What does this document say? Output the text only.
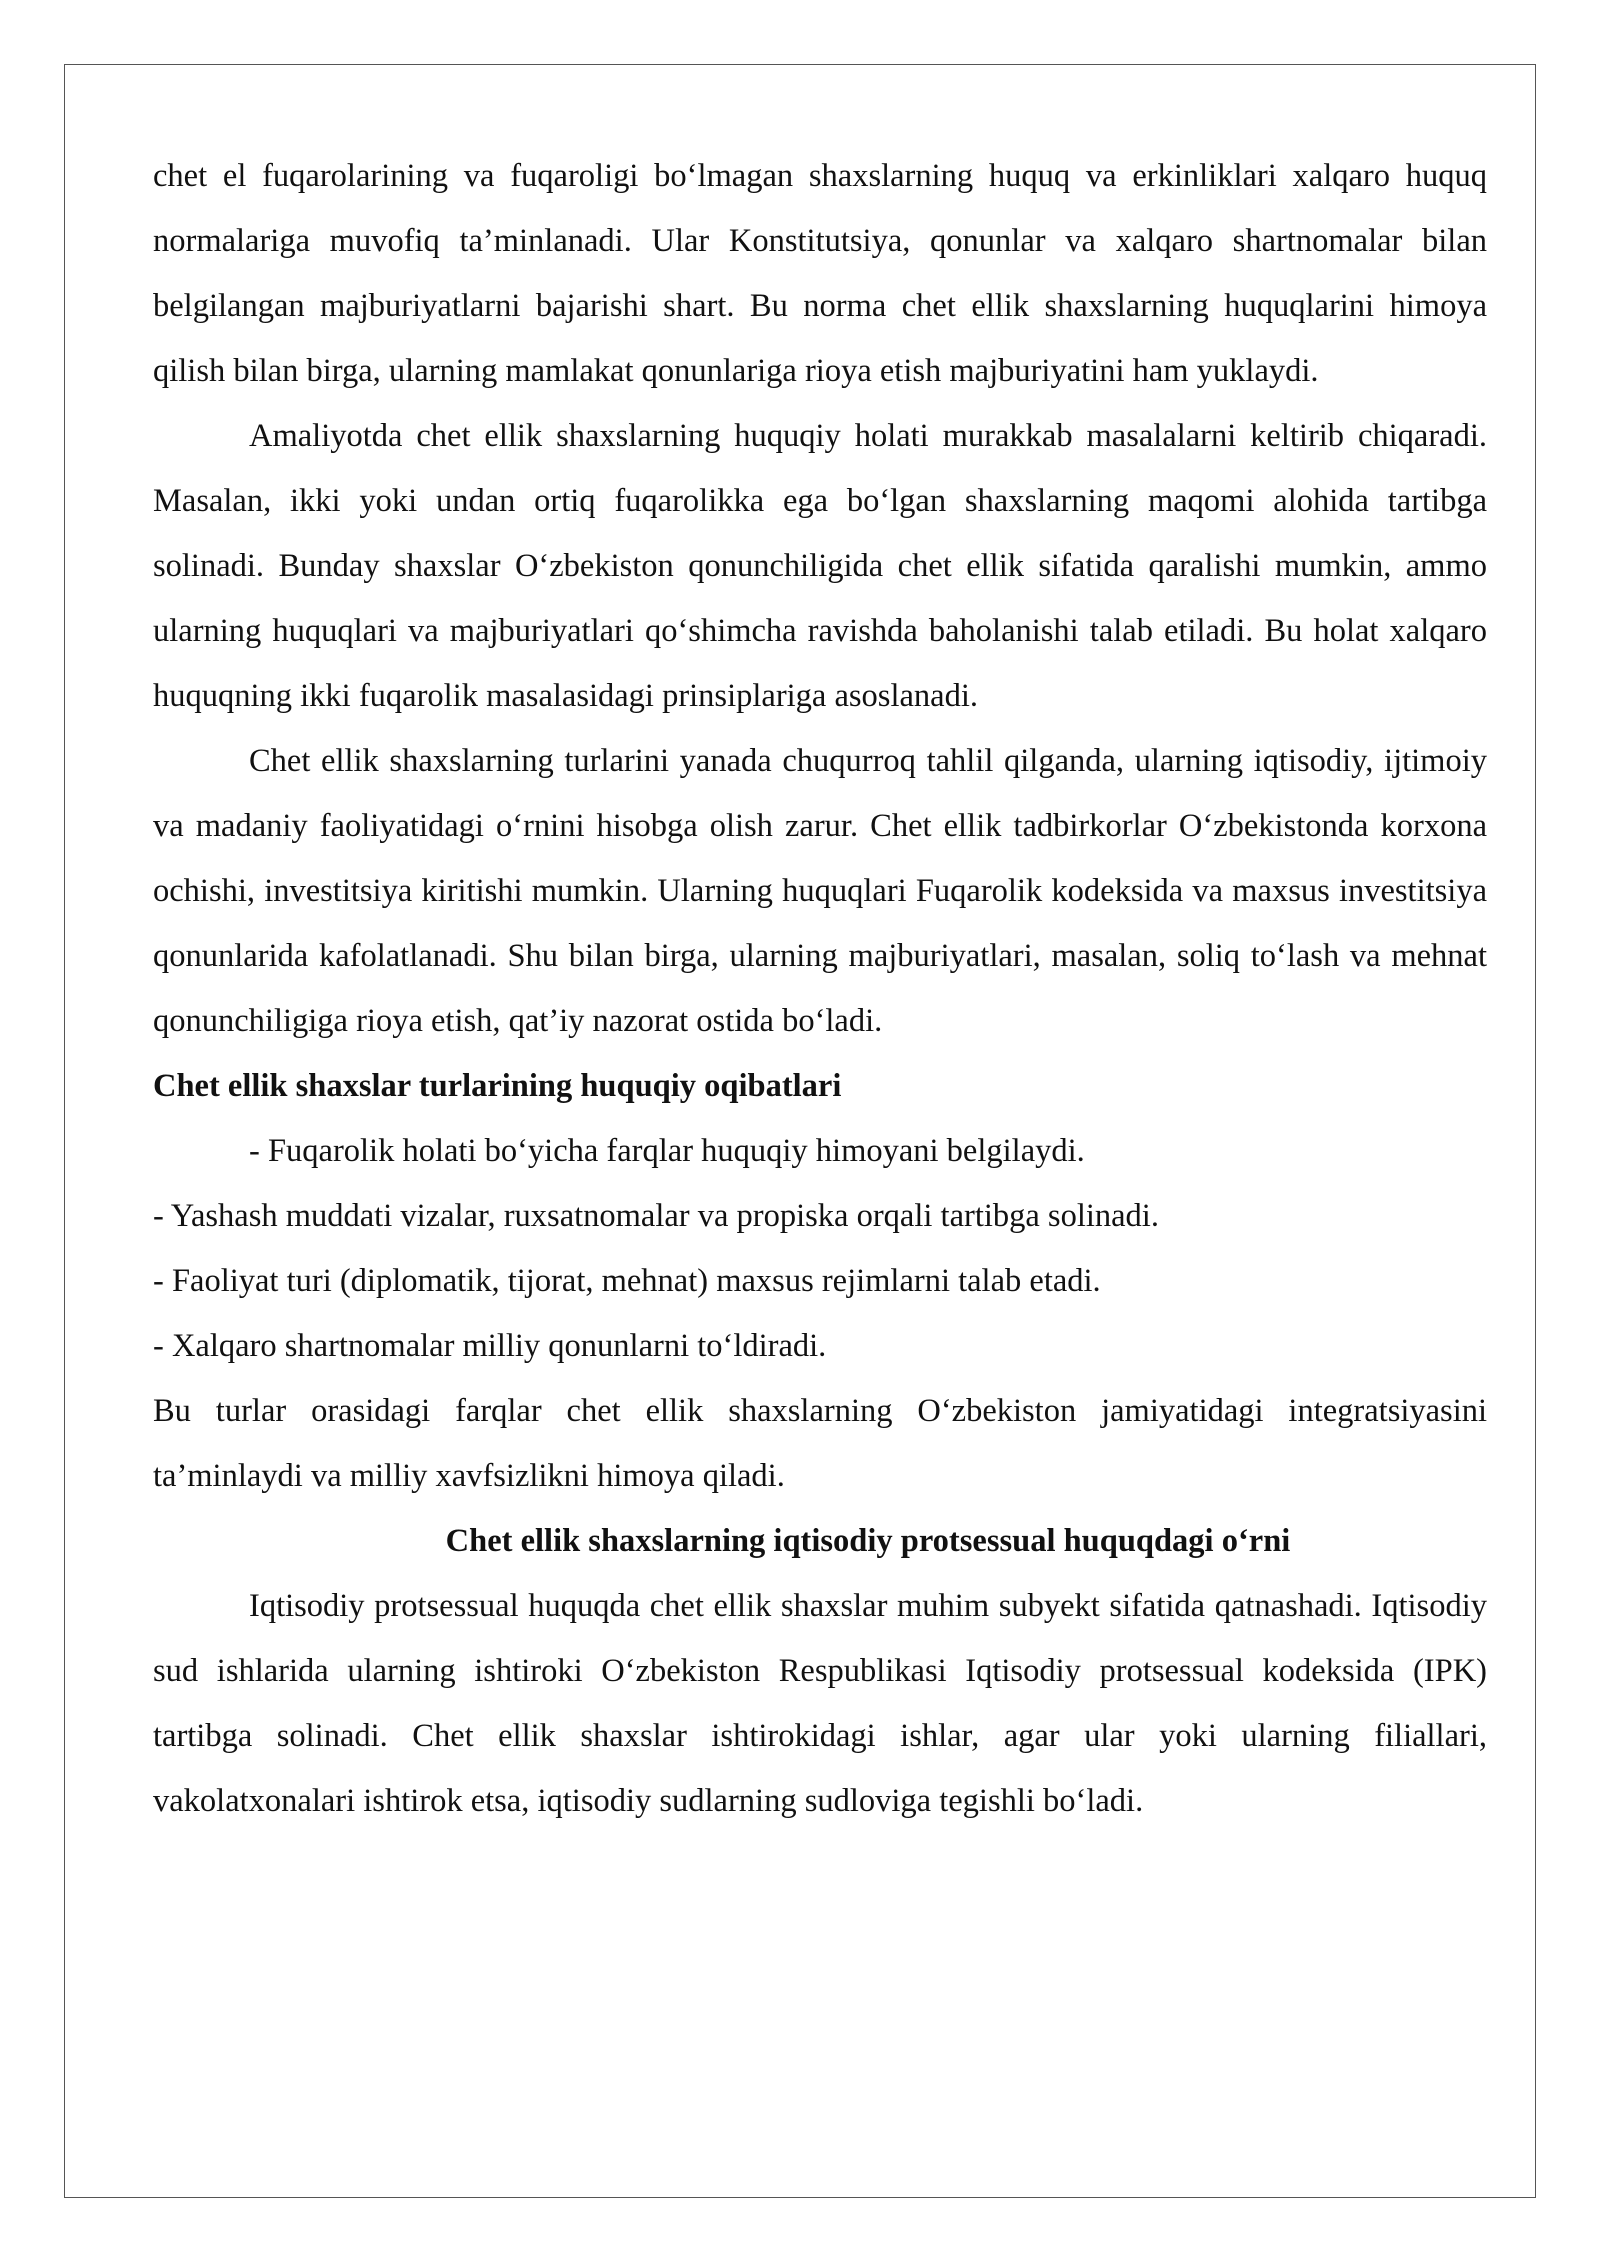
chet el fuqarolarining va fuqaroligi bo‘lmagan shaxslarning huquq va erkinliklari xalqaro huquq normalariga muvofiq ta’minlanadi. Ular Konstitutsiya, qonunlar va xalqaro shartnomalar bilan belgilangan majburiyatlarni bajarishi shart. Bu norma chet ellik shaxslarning huquqlarini himoya qilish bilan birga, ularning mamlakat qonunlariga rioya etish majburiyatini ham yuklaydi.

Amaliyotda chet ellik shaxslarning huquqiy holati murakkab masalalarni keltirib chiqaradi. Masalan, ikki yoki undan ortiq fuqarolikka ega bo‘lgan shaxslarning maqomi alohida tartibga solinadi. Bunday shaxslar O‘zbekiston qonunchiligida chet ellik sifatida qaralishi mumkin, ammo ularning huquqlari va majburiyatlari qo‘shimcha ravishda baholanishi talab etiladi. Bu holat xalqaro huquqning ikki fuqarolik masalasidagi prinsiplariga asoslanadi.

Chet ellik shaxslarning turlarini yanada chuqurroq tahlil qilganda, ularning iqtisodiy, ijtimoiy va madaniy faoliyatidagi o‘rnini hisobga olish zarur. Chet ellik tadbirkorlar O‘zbekistonda korxona ochishi, investitsiya kiritishi mumkin. Ularning huquqlari Fuqarolik kodeksida va maxsus investitsiya qonunlarida kafolatlanadi. Shu bilan birga, ularning majburiyatlari, masalan, soliq to‘lash va mehnat qonunchiligiga rioya etish, qat’iy nazorat ostida bo‘ladi.

Chet ellik shaxslar turlarining huquqiy oqibatlari

- Fuqarolik holati bo‘yicha farqlar huquqiy himoyani belgilaydi.

- Yashash muddati vizalar, ruxsatnomalar va propiska orqali tartibga solinadi.

- Faoliyat turi (diplomatik, tijorat, mehnat) maxsus rejimlarni talab etadi.

- Xalqaro shartnomalar milliy qonunlarni to‘ldiradi.

Bu turlar orasidagi farqlar chet ellik shaxslarning O‘zbekiston jamiyatidagi integratsiyasini ta’minlaydi va milliy xavfsizlikni himoya qiladi.

Chet ellik shaxslarning iqtisodiy protsessual huquqdagi o‘rni

Iqtisodiy protsessual huquqda chet ellik shaxslar muhim subyekt sifatida qatnashadi. Iqtisodiy sud ishlarida ularning ishtiroki O‘zbekiston Respublikasi Iqtisodiy protsessual kodeksida (IPK) tartibga solinadi. Chet ellik shaxslar ishtirokidagi ishlar, agar ular yoki ularning filiallari, vakolatxonalari ishtirok etsa, iqtisodiy sudlarning sudloviga tegishli bo‘ladi.
